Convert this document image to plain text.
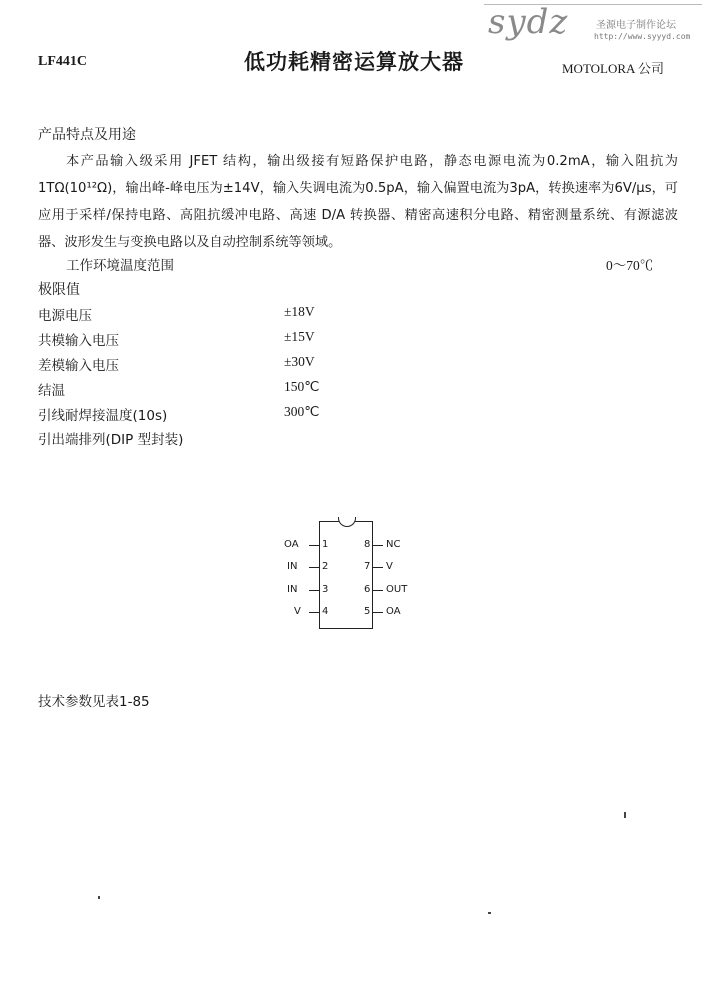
sydz	圣源电子制作论坛
http://www.syyyd.com
LF441C	低功耗精密运算放大器	MOTOLORA 公司
产品特点及用途
本产品输入级采用 JFET 结构，输出级接有短路保护电路，静态电源电流为0.2mA，输入阻抗为1TΩ(10¹²Ω)，输出峰-峰电压为±14V，输入失调电流为0.5pA，输入偏置电流为3pA，转换速率为6V/μs，可应用于采样/保持电路、高阻抗缓冲电路、高速 D/A 转换器、精密高速积分电路、精密测量系统、有源滤波器、波形发生与变换电路以及自动控制系统等领域。
工作环境温度范围	0～70℃
极限值
电源电压	±18V
共模输入电压	±15V
差模输入电压	±30V
结温	150℃
引线耐焊接温度(10s)	300℃
引出端排列(DIP 型封装)
1
OA
2
IN
3
IN
4
V
8 NC
7 V
6 OUT
5 OA
技术参数见表1-85
